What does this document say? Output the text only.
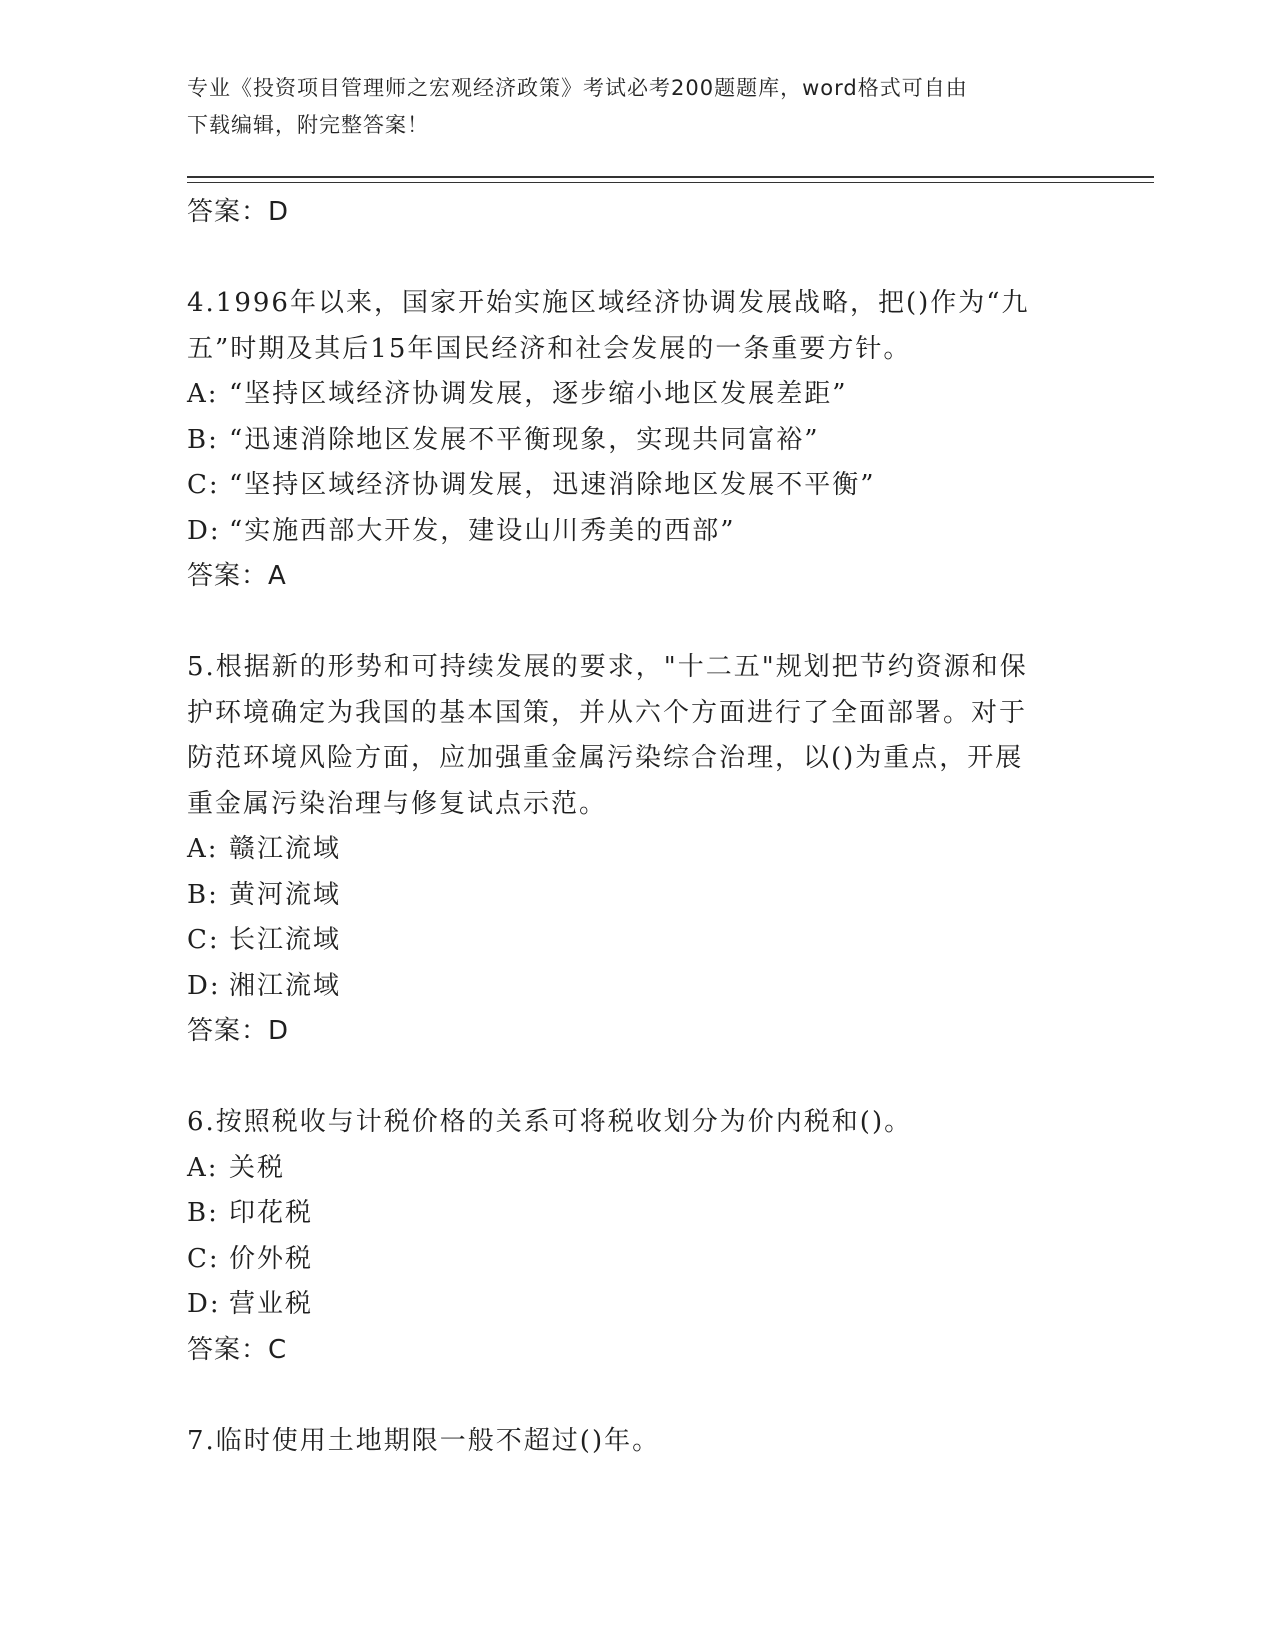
专业《投资项目管理师之宏观经济政策》考试必考200题题库，word格式可自由
下载编辑，附完整答案！
答案：D
4.1996年以来，国家开始实施区域经济协调发展战略，把()作为“九
五”时期及其后15年国民经济和社会发展的一条重要方针。
A: “坚持区域经济协调发展，逐步缩小地区发展差距”
B: “迅速消除地区发展不平衡现象，实现共同富裕”
C: “坚持区域经济协调发展，迅速消除地区发展不平衡”
D: “实施西部大开发，建设山川秀美的西部”
答案：A
5.根据新的形势和可持续发展的要求，"十二五"规划把节约资源和保
护环境确定为我国的基本国策，并从六个方面进行了全面部署。对于
防范环境风险方面，应加强重金属污染综合治理，以()为重点，开展
重金属污染治理与修复试点示范。
A: 赣江流域
B: 黄河流域
C: 长江流域
D: 湘江流域
答案：D
6.按照税收与计税价格的关系可将税收划分为价内税和()。
A: 关税
B: 印花税
C: 价外税
D: 营业税
答案：C
7.临时使用土地期限一般不超过()年。
